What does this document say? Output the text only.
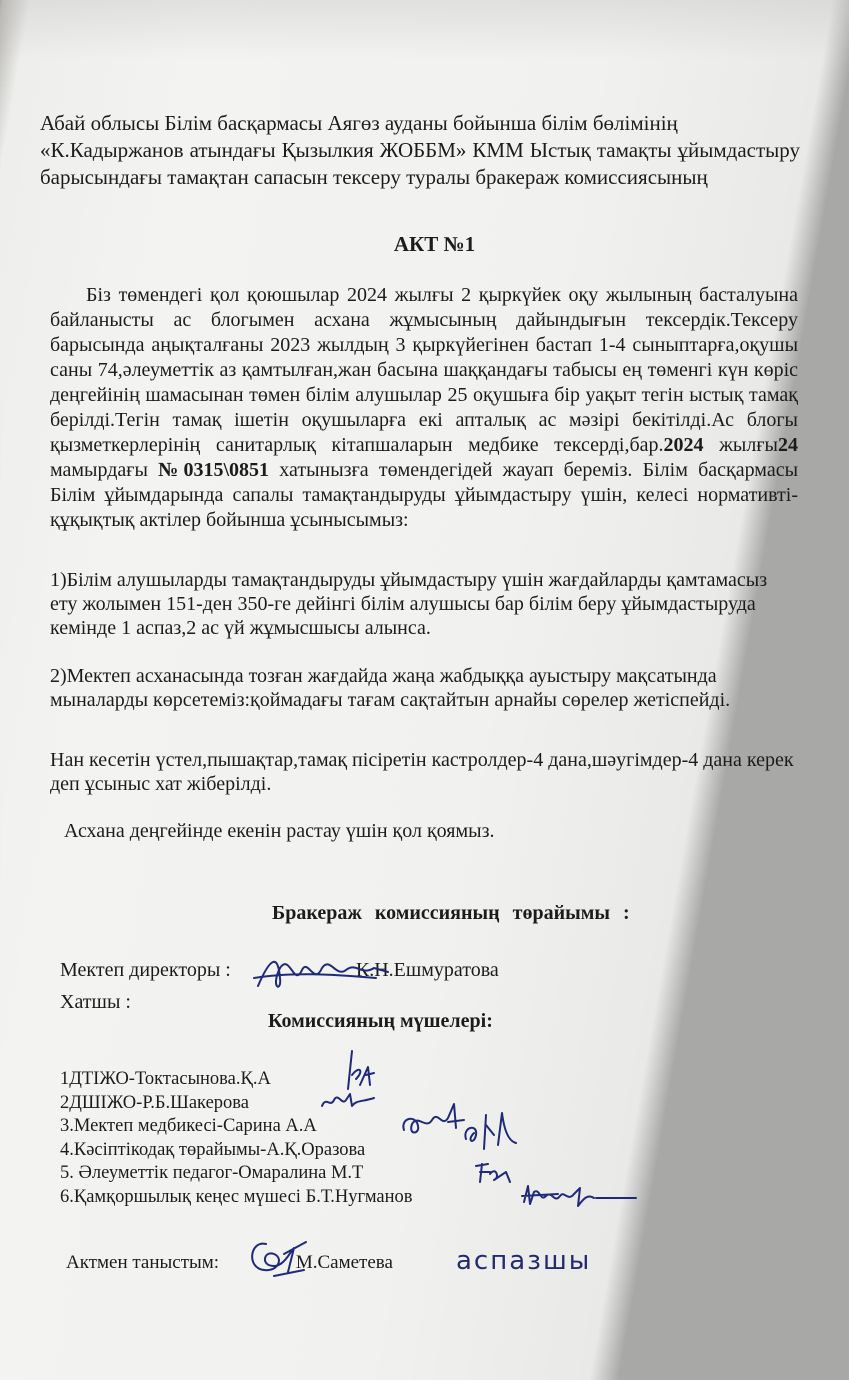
Абай облысы Білім басқармасы Аягөз ауданы бойынша білім бөлімінің
«К.Кадыржанов атындағы Қызылкия ЖОББМ» КММ Ыстық тамақты ұйымдастыру барысындағы тамақтан сапасын тексеру туралы бракераж комиссиясының
АКТ №1

Біз төмендегі қол қоюшылар 2024 жылғы 2 қыркүйек оқу жылының басталуына байланысты ас блогымен асхана жұмысының дайындығын тексердік.Тексеру барысында аңықталғаны 2023 жылдың 3 қыркүйегінен бастап 1-4 сыныптарға,оқушы саны 74,әлеуметтік аз қамтылған,жан басына шаққандағы табысы ең төменгі күн көріс деңгейінің шамасынан төмен білім алушылар 25 оқушыға бір уақыт тегін ыстық тамақ берілді.Тегін тамақ ішетін оқушыларға екі апталық ас мәзірі бекітілді.Ас блогы қызметкерлерінің санитарлық кітапшаларын медбике тексерді,бар.2024 жылғы24 мамырдағы №0315\0851 хатынызға төмендегідей жауап береміз. Білім басқармасы Білім ұйымдарында сапалы тамақтандыруды ұйымдастыру үшін, келесі нормативті-құқықтық актілер бойынша ұсынысымыз:

1)Білім алушыларды тамақтандыруды ұйымдастыру үшін жағдайларды қамтамасыз ету жолымен 151-ден 350-ге дейінгі білім алушысы бар білім беру ұйымдастыруда кемінде 1 аспаз,2 ас үй жұмысшысы алынса.
2)Мектеп асханасында тозған жағдайда жаңа жабдыққа ауыстыру мақсатында мыналарды көрсетеміз:қоймадағы тағам сақтайтын арнайы сөрелер жетіспейді.
Нан кесетін үстел,пышақтар,тамақ пісіретін кастролдер-4 дана,шәугімдер-4 дана керек деп ұсыныс хат жіберілді.
Асхана деңгейінде екенін растау үшін қол қоямыз.
Бракераж комиссияның төрайымы :
Мектеп директоры :	К.Н.Ешмуратова
Хатшы :
Комиссияның мүшелері:
1ДТІЖО-Токтасынова.Қ.А
2ДШІЖО-Р.Б.Шакерова
3.Мектеп медбикесі-Сарина А.А
4.Кәсіптікодақ төрайымы-А.Қ.Оразова
5. Әлеуметтік педагог-Омаралина М.Т
6.Қамқоршылық кеңес мүшесі Б.Т.Нугманов
Актмен таныстым:	М.Саметева аспазшы
